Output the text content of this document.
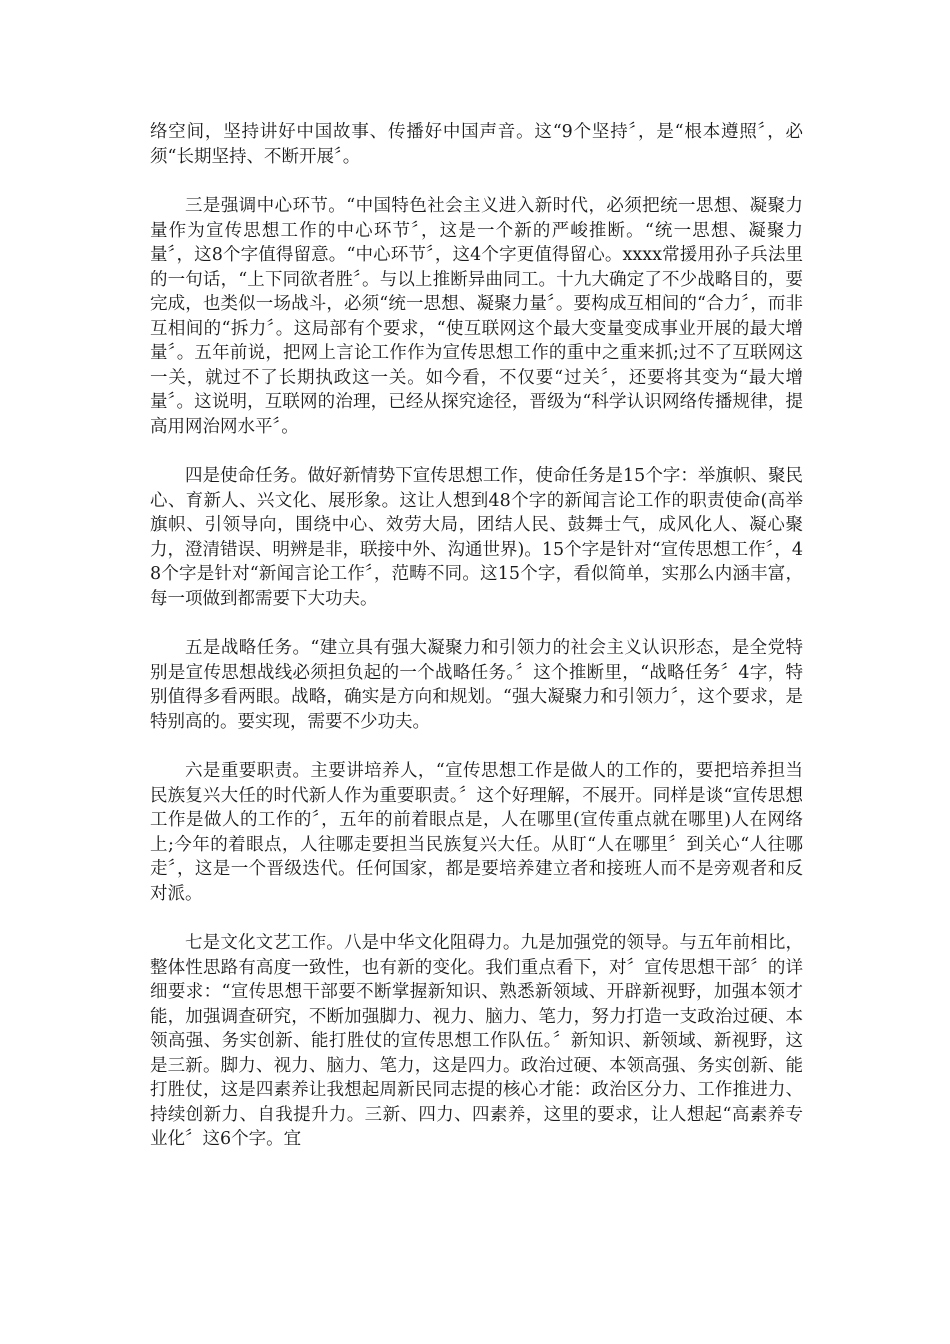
络空间，坚持讲好中国故事、传播好中国声音。这“9个坚持〞，是“根本遵照〞，必须“长期坚持、不断开展〞。

三是强调中心环节。“中国特色社会主义进入新时代，必须把统一思想、凝聚力量作为宣传思想工作的中心环节〞，这是一个新的严峻推断。“统一思想、凝聚力量〞，这8个字值得留意。“中心环节〞，这4个字更值得留心。xxxx常援用孙子兵法里的一句话，“上下同欲者胜〞。与以上推断异曲同工。十九大确定了不少战略目的，要完成，也类似一场战斗，必须“统一思想、凝聚力量〞。要构成互相间的“合力〞，而非互相间的“拆力〞。这局部有个要求，“使互联网这个最大变量变成事业开展的最大增量〞。五年前说，把网上言论工作作为宣传思想工作的重中之重来抓;过不了互联网这一关，就过不了长期执政这一关。如今看，不仅要“过关〞，还要将其变为“最大增量〞。这说明，互联网的治理，已经从探究途径，晋级为“科学认识网络传播规律，提高用网治网水平〞。

四是使命任务。做好新情势下宣传思想工作，使命任务是15个字：举旗帜、聚民心、育新人、兴文化、展形象。这让人想到48个字的新闻言论工作的职责使命(高举旗帜、引领导向，围绕中心、效劳大局，团结人民、鼓舞士气，成风化人、凝心聚力，澄清错误、明辨是非，联接中外、沟通世界)。15个字是针对“宣传思想工作〞，48个字是针对“新闻言论工作〞，范畴不同。这15个字，看似简单，实那么内涵丰富，每一项做到都需要下大功夫。

五是战略任务。“建立具有强大凝聚力和引领力的社会主义认识形态，是全党特别是宣传思想战线必须担负起的一个战略任务。〞这个推断里，“战略任务〞4字，特别值得多看两眼。战略，确实是方向和规划。“强大凝聚力和引领力〞，这个要求，是特别高的。要实现，需要不少功夫。

六是重要职责。主要讲培养人，“宣传思想工作是做人的工作的，要把培养担当民族复兴大任的时代新人作为重要职责。〞这个好理解，不展开。同样是谈“宣传思想工作是做人的工作的〞，五年的前着眼点是，人在哪里(宣传重点就在哪里)人在网络上;今年的着眼点，人往哪走要担当民族复兴大任。从盯“人在哪里〞到关心“人往哪走〞，这是一个晋级迭代。任何国家，都是要培养建立者和接班人而不是旁观者和反对派。

七是文化文艺工作。八是中华文化阻碍力。九是加强党的领导。与五年前相比，整体性思路有高度一致性，也有新的变化。我们重点看下，对〞宣传思想干部〞的详细要求：“宣传思想干部要不断掌握新知识、熟悉新领域、开辟新视野，加强本领才能，加强调查研究，不断加强脚力、视力、脑力、笔力，努力打造一支政治过硬、本领高强、务实创新、能打胜仗的宣传思想工作队伍。〞新知识、新领域、新视野，这是三新。脚力、视力、脑力、笔力，这是四力。政治过硬、本领高强、务实创新、能打胜仗，这是四素养让我想起周新民同志提的核心才能：政治区分力、工作推进力、持续创新力、自我提升力。三新、四力、四素养，这里的要求，让人想起“高素养专业化〞这6个字。宜
